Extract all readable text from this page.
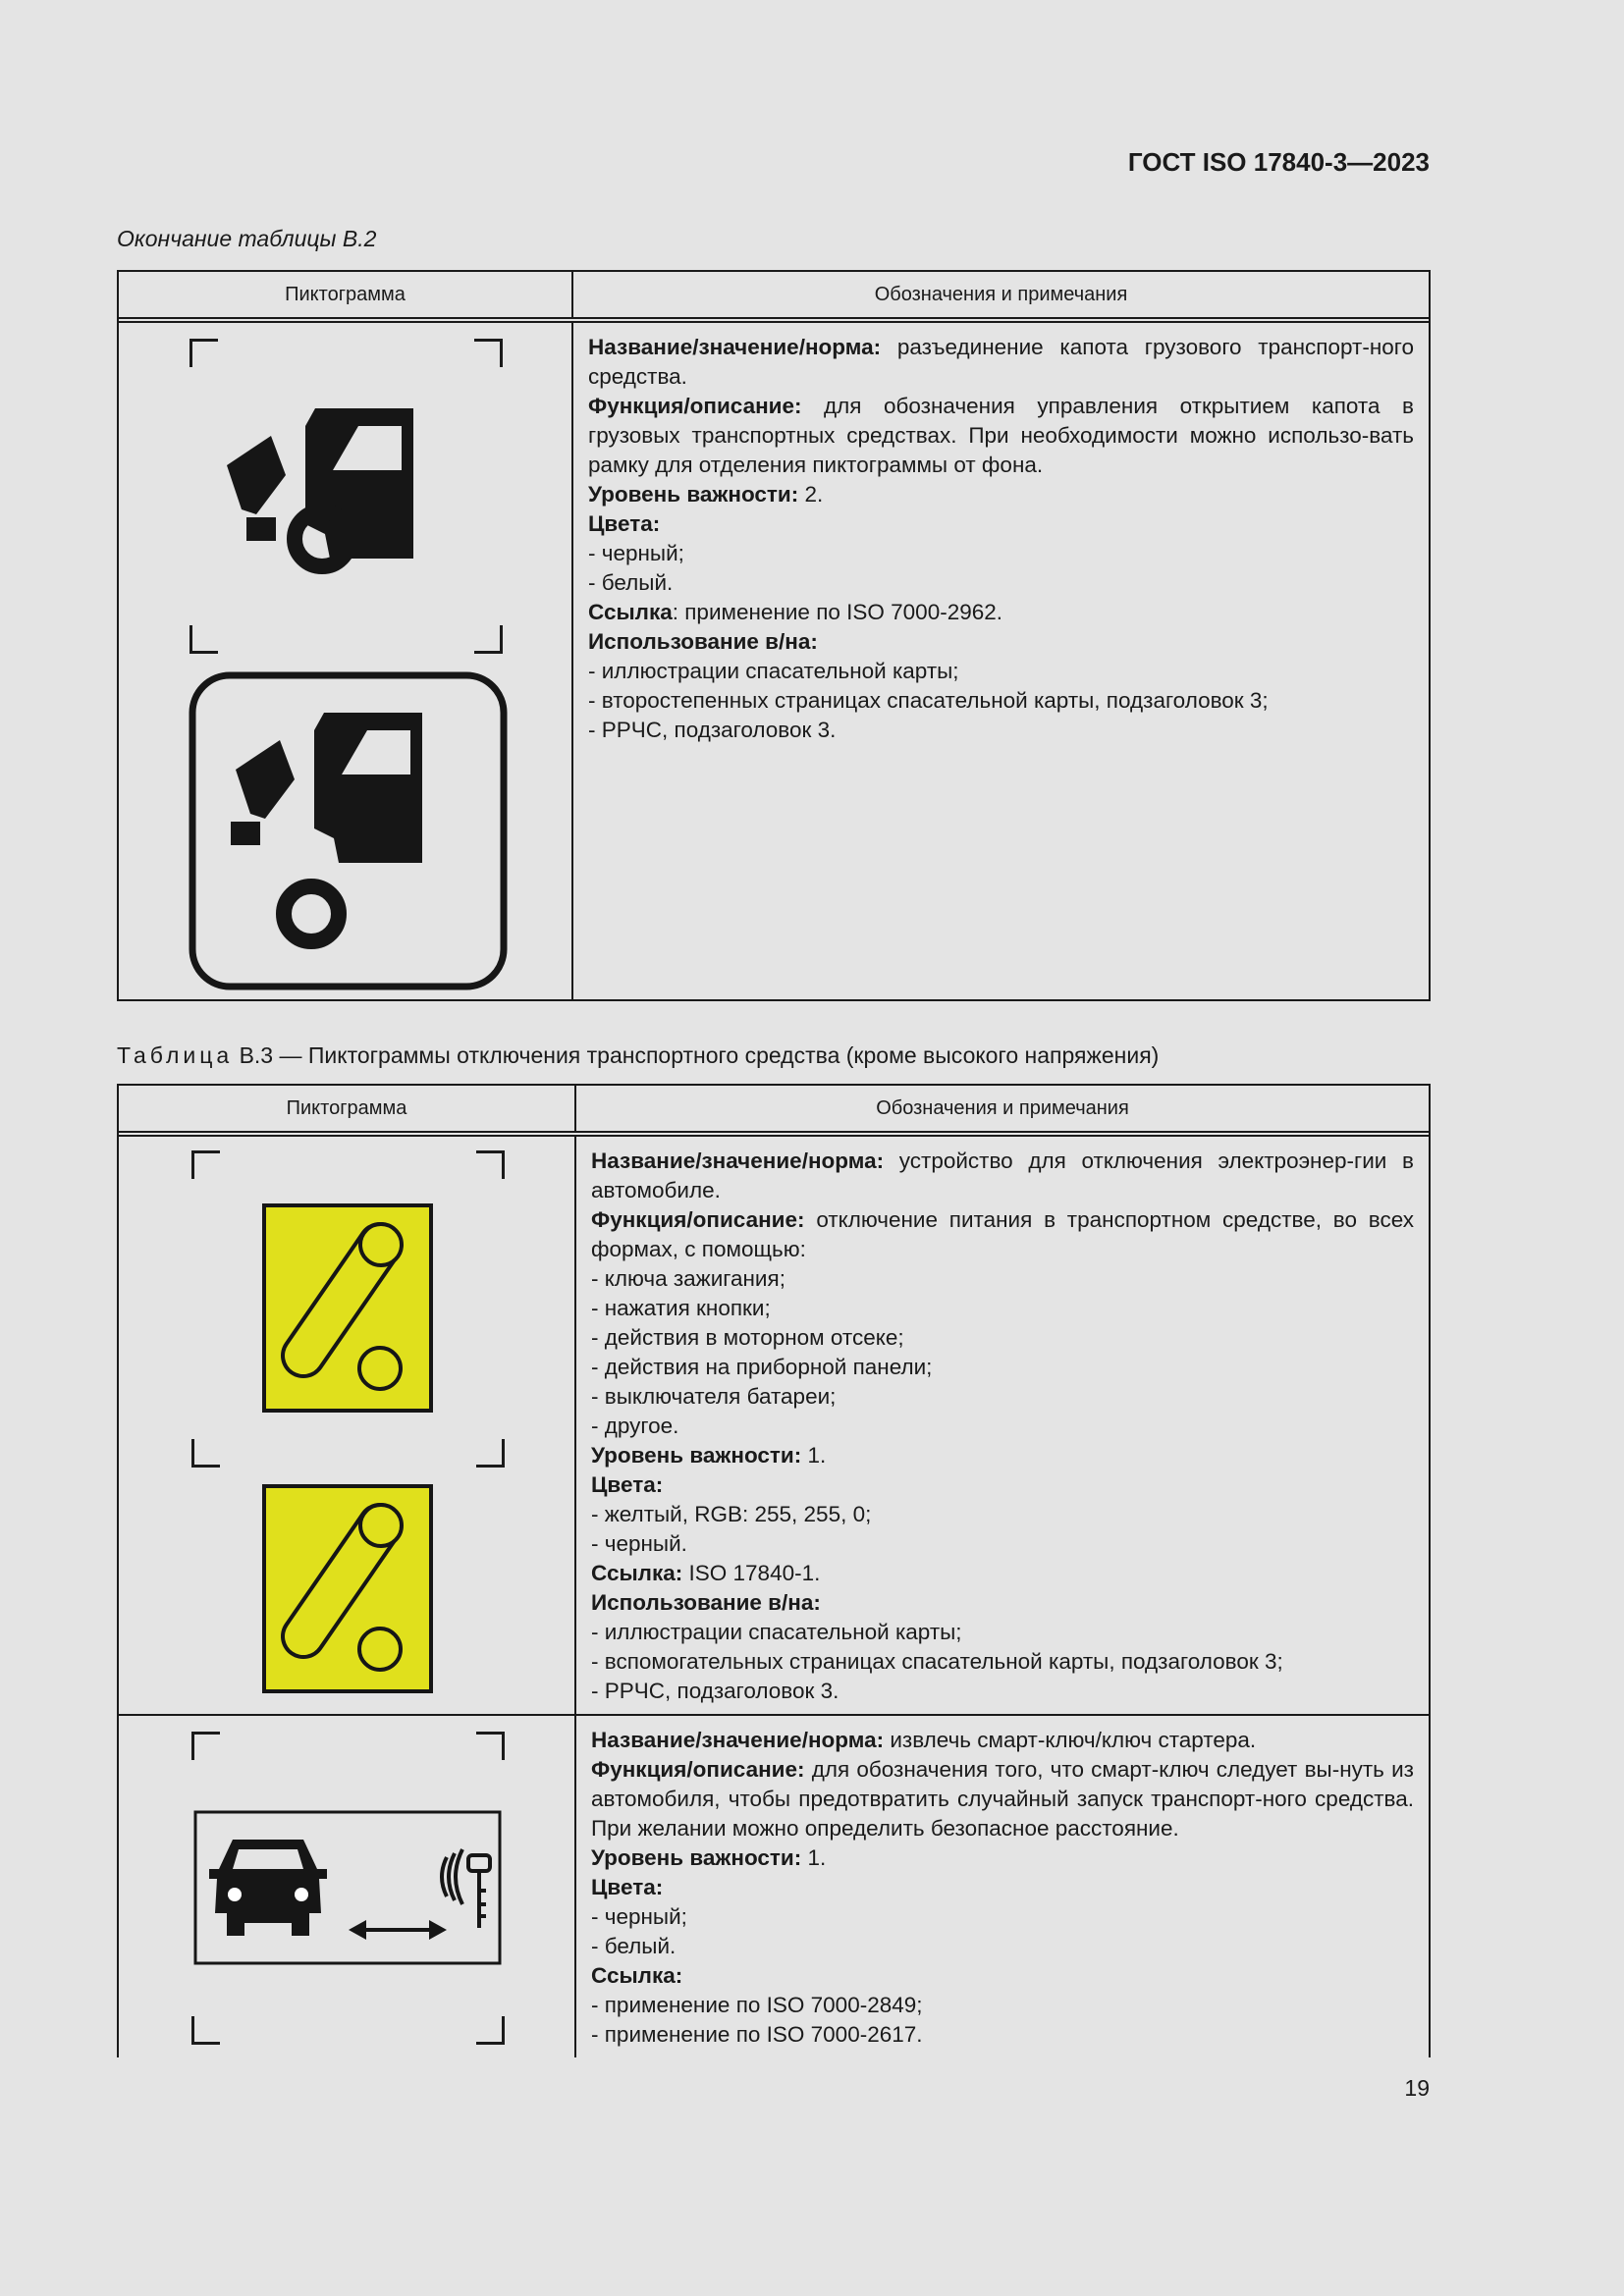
ГОСТ ISO 17840-3—2023
Окончание таблицы В.2
Пиктограмма	Обозначения и примечания

Название/значение/норма: разъединение капота грузового транспорт-ного средства.

Функция/описание: для обозначения управления открытием капота в грузовых транспортных средствах. При необходимости можно использо-вать рамку для отделения пиктограммы от фона.

Уровень важности: 2.

Цвета:

- черный;

- белый.

Ссылка: применение по ISO 7000-2962.

Использование в/на:

- иллюстрации спасательной карты;

- второстепенных страницах спасательной карты, подзаголовок 3;

- РРЧС, подзаголовок 3.

Таблица В.3 — Пиктограммы отключения транспортного средства (кроме высокого напряжения)
Пиктограмма	Обозначения и примечания

Название/значение/норма: устройство для отключения электроэнер-гии в автомобиле.

Функция/описание: отключение питания в транспортном средстве, во всех формах, с помощью:

- ключа зажигания;

- нажатия кнопки;

- действия в моторном отсеке;

- действия на приборной панели;

- выключателя батареи;

- другое.

Уровень важности: 1.

Цвета:

- желтый, RGB: 255, 255, 0;

- черный.

Ссылка: ISO 17840-1.

Использование в/на:

- иллюстрации спасательной карты;

- вспомогательных страницах спасательной карты, подзаголовок 3;

- РРЧС, подзаголовок 3.

Название/значение/норма: извлечь смарт-ключ/ключ стартера.

Функция/описание: для обозначения того, что смарт-ключ следует вы-нуть из автомобиля, чтобы предотвратить случайный запуск транспорт-ного средства. При желании можно определить безопасное расстояние.

Уровень важности: 1.

Цвета:

- черный;

- белый.

Ссылка:

- применение по ISO 7000-2849;

- применение по ISO 7000-2617.

19
